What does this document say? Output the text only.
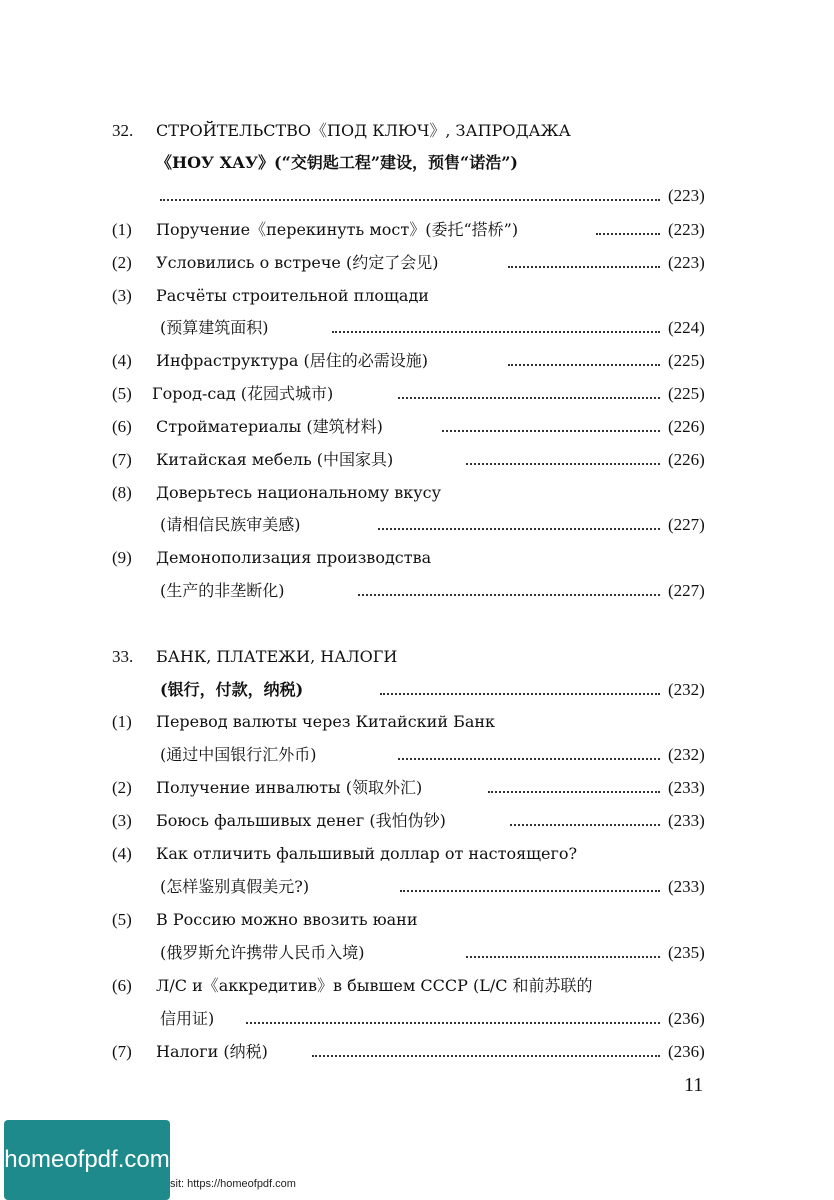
32. СТРОЙТЕЛЬСТВО《ПОД КЛЮЧ》, ЗАПРОДАЖА
《НОУ ХАУ》(“交钥匙工程”建设，预售“诺浩”)
(223)
(1) Поручение《перекинуть мост》(委托“搭桥”)	(223)
(2) Условились о встрече (约定了会见)	(223)
(3) Расчёты строительной площади
(预算建筑面积)	(224)
(4) Инфраструктура (居住的必需设施)	(225)
(5) Город-сад (花园式城市)	(225)
(6) Стройматериалы (建筑材料)	(226)
(7) Китайская мебель (中国家具)	(226)
(8) Доверьтесь национальному вкусу
(请相信民族审美感)	(227)
(9) Демонополизация производства
(生产的非垄断化)	(227)
33. БАНК, ПЛАТЕЖИ, НАЛОГИ
(银行，付款，纳税)	(232)
(1) Перевод валюты через Китайский Банк
(通过中国银行汇外币)	(232)
(2) Получение инвалюты (领取外汇)	(233)
(3) Боюсь фальшивых денег (我怕伪钞)	(233)
(4) Как отличить фальшивый доллар от настоящего?
(怎样鉴别真假美元?)	(233)
(5) В Россию можно ввозить юани
(俄罗斯允许携带人民币入境)	(235)
(6) Л/С и《аккредитив》в бывшем СССР (L/C 和前苏联的
信用证)	(236)
(7) Налоги (纳税)	(236)
11
homeofpdf.com
sit: https://homeofpdf.com
